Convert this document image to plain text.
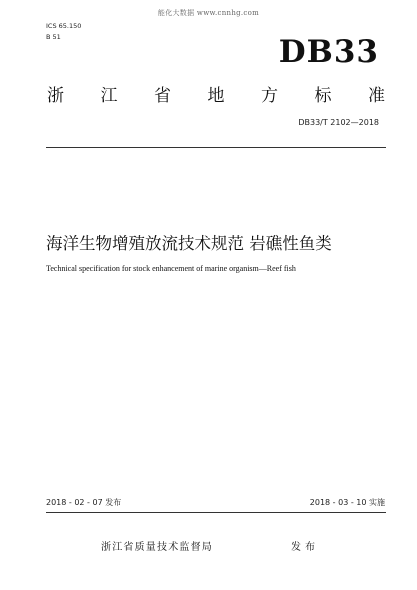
能化大数据 www.cnnhg.com
ICS 65.150
B 51	DB33
浙 江 省 地 方 标 准
DB33/T 2102—2018
海洋生物增殖放流技术规范 岩礁性鱼类
Technical specification for stock enhancement of marine organism—Reef fish
2018 - 02 - 07 发布	2018 - 03 - 10 实施
浙江省质量技术监督局	发布
